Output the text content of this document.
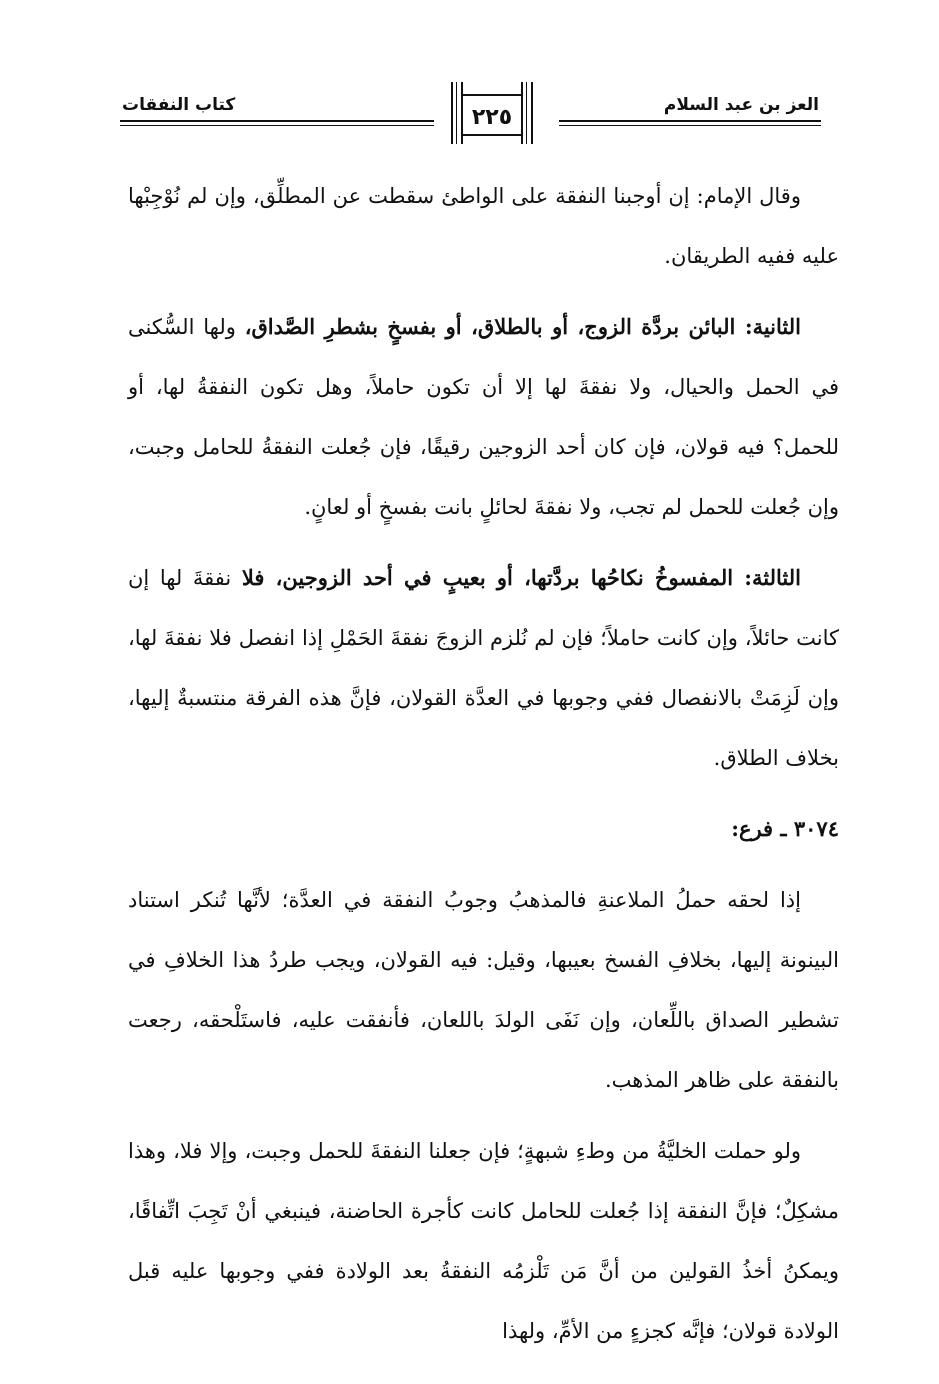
العز بن عبد السلام
كتاب النفقات	٢٢٥

وقال الإمام: إن أوجبنا النفقة على الواطئ سقطت عن المطلِّق، وإن لم نُوْجِبْها عليه ففيه الطريقان.

الثانية: البائن بردَّة الزوج، أو بالطلاق، أو بفسخٍ بشطرِ الصَّداق، ولها السُّكنى في الحمل والحيال، ولا نفقةَ لها إلا أن تكون حاملاً، وهل تكون النفقةُ لها، أو للحمل؟ فيه قولان، فإن كان أحد الزوجين رقيقًا، فإن جُعلت النفقةُ للحامل وجبت، وإن جُعلت للحمل لم تجب، ولا نفقةَ لحائلٍ بانت بفسخٍ أو لعانٍ.

الثالثة: المفسوخُ نكاحُها بردَّتها، أو بعيبٍ في أحد الزوجين، فلا نفقةَ لها إن كانت حائلاً، وإن كانت حاملاً؛ فإن لم نُلزم الزوجَ نفقةَ الحَمْلِ إذا انفصل فلا نفقةَ لها، وإن لَزِمَتْ بالانفصال ففي وجوبها في العدَّة القولان، فإنَّ هذه الفرقة منتسبةٌ إليها، بخلاف الطلاق.

٣٠٧٤ ـ فرع:

إذا لحقه حملُ الملاعنةِ فالمذهبُ وجوبُ النفقة في العدَّة؛ لأنَّها تُنكر استناد البينونة إليها، بخلافِ الفسخ بعيبها، وقيل: فيه القولان، ويجب طردُ هذا الخلافِ في تشطير الصداق باللِّعان، وإن نَفَى الولدَ باللعان، فأنفقت عليه، فاستَلْحقه، رجعت بالنفقة على ظاهر المذهب.

ولو حملت الخليَّةُ من وطءِ شبهةٍ؛ فإن جعلنا النفقةَ للحمل وجبت، وإلا فلا، وهذا مشكِلٌ؛ فإنَّ النفقة إذا جُعلت للحامل كانت كأجرة الحاضنة، فينبغي أنْ تَجِبَ اتِّفاقًا، ويمكنُ أخذُ القولين من أنَّ مَن تَلْزمُه النفقةُ بعد الولادة ففي وجوبها عليه قبل الولادة قولان؛ فإنَّه كجزءٍ من الأمِّ، ولهذا
